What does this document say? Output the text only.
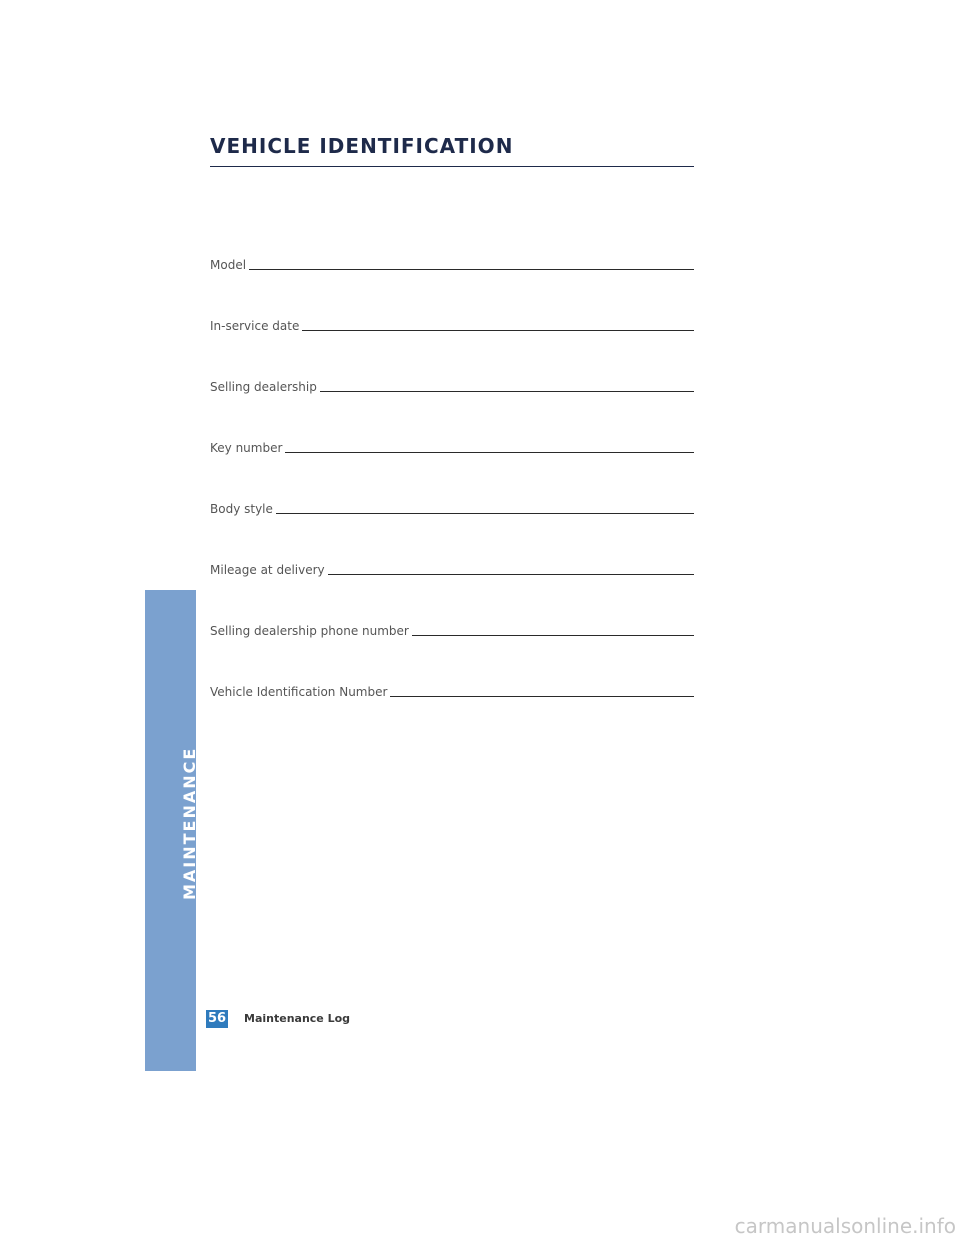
VEHICLE IDENTIFICATION
Model
In-service date
Selling dealership
Key number
Body style
Mileage at delivery
Selling dealership phone number
Vehicle Identification Number
MAINTENANCE
56 Maintenance Log
carmanualsonline.info
